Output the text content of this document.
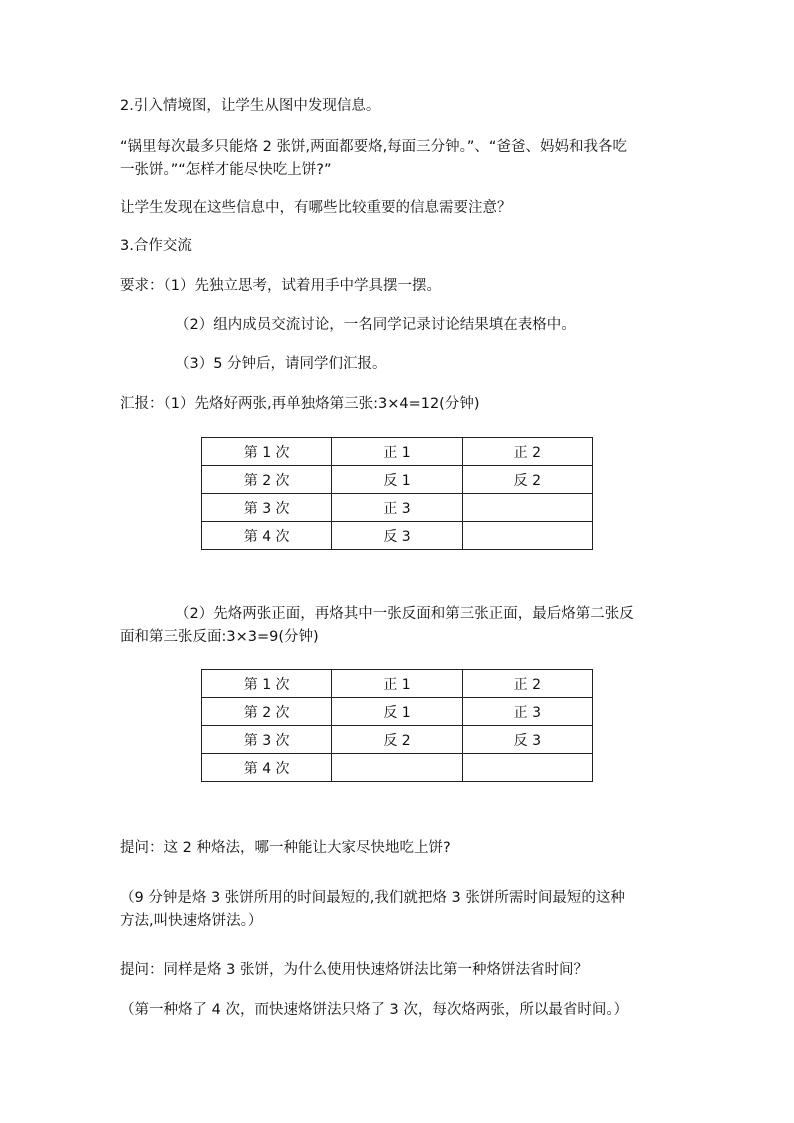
2.引入情境图，让学生从图中发现信息。
“锅里每次最多只能烙 2 张饼,两面都要烙,每面三分钟。”、“爸爸、妈妈和我各吃
一张饼。”“怎样才能尽快吃上饼?”
让学生发现在这些信息中，有哪些比较重要的信息需要注意？
3.合作交流
要求：（1）先独立思考，试着用手中学具摆一摆。
（2）组内成员交流讨论，一名同学记录讨论结果填在表格中。
（3）5 分钟后，请同学们汇报。
汇报：（1）先烙好两张,再单独烙第三张:3×4=12(分钟)
第 1 次	正 1	正 2
第 2 次	反 1	反 2
第 3 次	正 3	
第 4 次	反 3	
（2）先烙两张正面，再烙其中一张反面和第三张正面，最后烙第二张反
面和第三张反面:3×3=9(分钟)
第 1 次	正 1	正 2
第 2 次	反 1	正 3
第 3 次	反 2	反 3
第 4 次		
提问：这 2 种烙法，哪一种能让大家尽快地吃上饼?
（9 分钟是烙 3 张饼所用的时间最短的,我们就把烙 3 张饼所需时间最短的这种
方法,叫快速烙饼法。）
提问：同样是烙 3 张饼，为什么使用快速烙饼法比第一种烙饼法省时间？
（第一种烙了 4 次，而快速烙饼法只烙了 3 次，每次烙两张，所以最省时间。）
